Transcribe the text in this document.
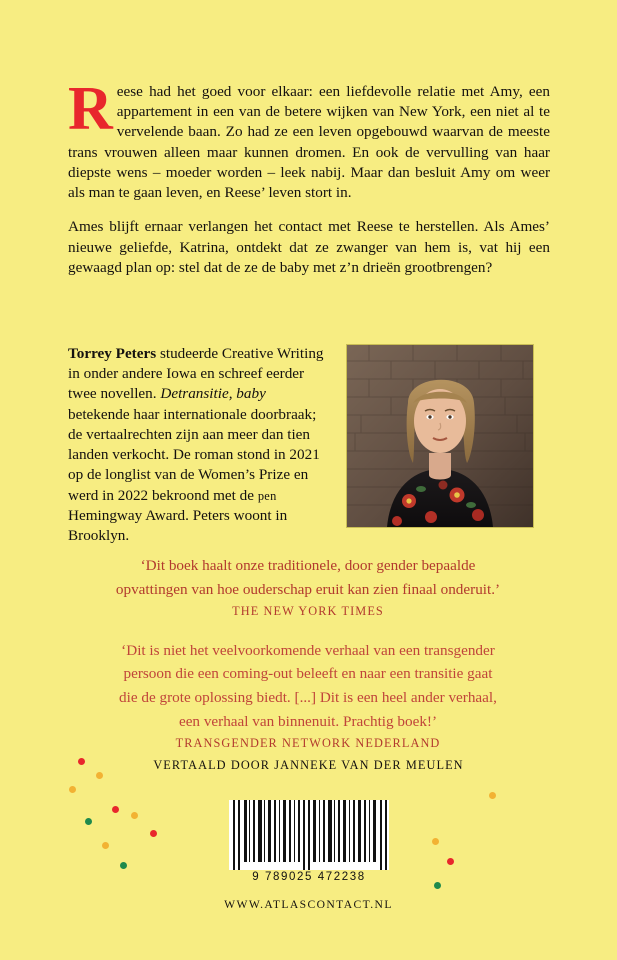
Reese had het goed voor elkaar: een liefdevolle relatie met Amy, een appartement in een van de betere wijken van New York, een niet al te vervelende baan. Zo had ze een leven opgebouwd waarvan de meeste trans vrouwen alleen maar kunnen dromen. En ook de vervulling van haar diepste wens – moeder worden – leek nabij. Maar dan besluit Amy om weer als man te gaan leven, en Reese’ leven stort in.

Ames blijft ernaar verlangen het contact met Reese te herstellen. Als Ames’ nieuwe geliefde, Katrina, ontdekt dat ze zwanger van hem is, vat hij een gewaagd plan op: stel dat de ze de baby met z’n drieën grootbrengen?

Torrey Peters studeerde Creative Writing in onder andere Iowa en schreef eerder twee novellen. Detransitie, baby betekende haar internationale doorbraak; de vertaalrechten zijn aan meer dan tien landen verkocht. De roman stond in 2021 op de longlist van de Women’s Prize en werd in 2022 bekroond met de pen Hemingway Award. Peters woont in Brooklyn.

‘Dit boek haalt onze traditionele, door gender bepaalde

opvattingen van hoe ouderschap eruit kan zien finaal onderuit.’

THE NEW YORK TIMES

‘Dit is niet het veelvoorkomende verhaal van een transgender

persoon die een coming-out beleeft en naar een transitie gaat

die de grote oplossing biedt. [...] Dit is een heel ander verhaal,

een verhaal van binnenuit. Prachtig boek!’

TRANSGENDER NETWORK NEDERLAND

VERTAALD DOOR JANNEKE VAN DER MEULEN
9 789025 472238
WWW.ATLASCONTACT.NL
